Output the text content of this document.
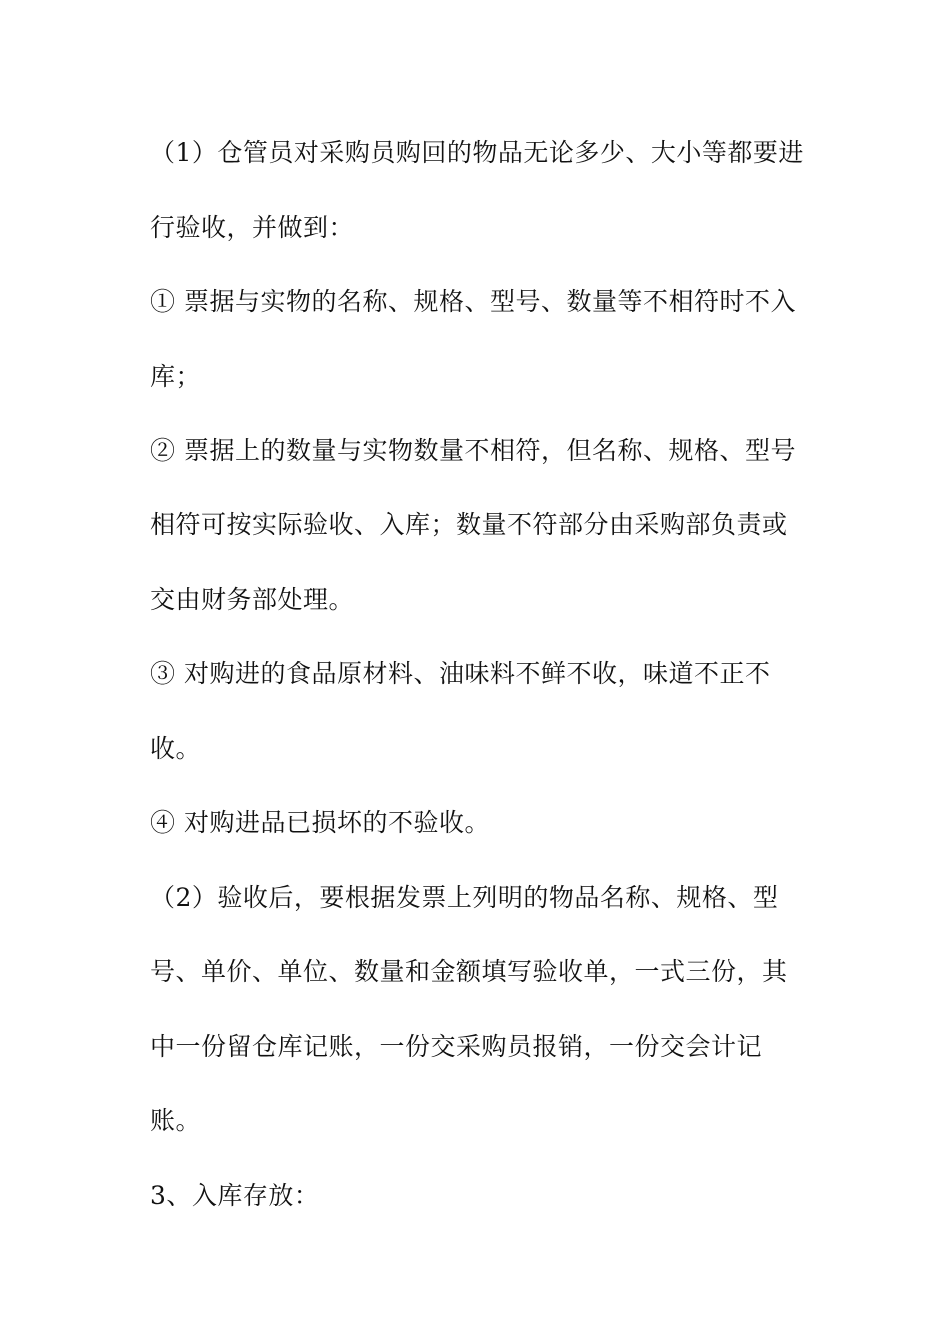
（1）仓管员对采购员购回的物品无论多少、大小等都要进
行验收，并做到：
① 票据与实物的名称、规格、型号、数量等不相符时不入
库；
② 票据上的数量与实物数量不相符，但名称、规格、型号
相符可按实际验收、入库；数量不符部分由采购部负责或
交由财务部处理。
③ 对购进的食品原材料、油味料不鲜不收，味道不正不
收。
④ 对购进品已损坏的不验收。
（2）验收后，要根据发票上列明的物品名称、规格、型
号、单价、单位、数量和金额填写验收单，一式三份，其
中一份留仓库记账，一份交采购员报销，一份交会计记
账。
3、入库存放：
